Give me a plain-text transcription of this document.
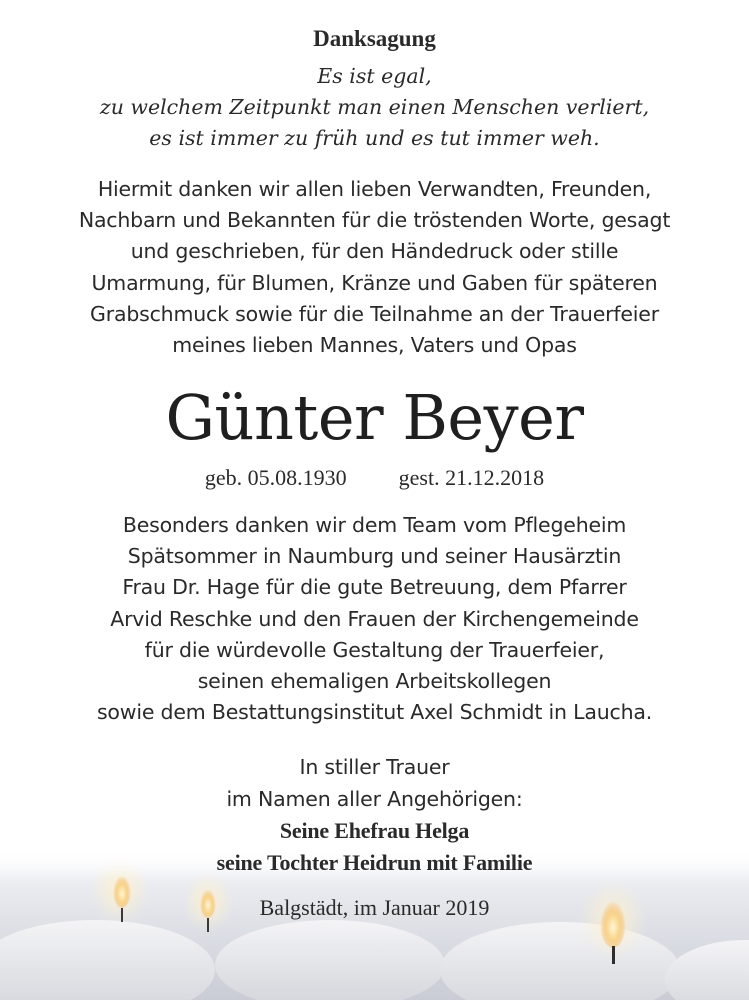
Danksagung
Es ist egal,
zu welchem Zeitpunkt man einen Menschen verliert,
es ist immer zu früh und es tut immer weh.
Hiermit danken wir allen lieben Verwandten, Freunden,
Nachbarn und Bekannten für die tröstenden Worte, gesagt
und geschrieben, für den Händedruck oder stille
Umarmung, für Blumen, Kränze und Gaben für späteren
Grabschmuck sowie für die Teilnahme an der Trauerfeier
meines lieben Mannes, Vaters und Opas
Günter Beyer
geb. 05.08.1930 gest. 21.12.2018
Besonders danken wir dem Team vom Pflegeheim
Spätsommer in Naumburg und seiner Hausärztin
Frau Dr. Hage für die gute Betreuung, dem Pfarrer
Arvid Reschke und den Frauen der Kirchengemeinde
für die würdevolle Gestaltung der Trauerfeier,
seinen ehemaligen Arbeitskollegen
sowie dem Bestattungsinstitut Axel Schmidt in Laucha.
In stiller Trauer
im Namen aller Angehörigen:
Seine Ehefrau Helga
seine Tochter Heidrun mit Familie
Balgstädt, im Januar 2019
